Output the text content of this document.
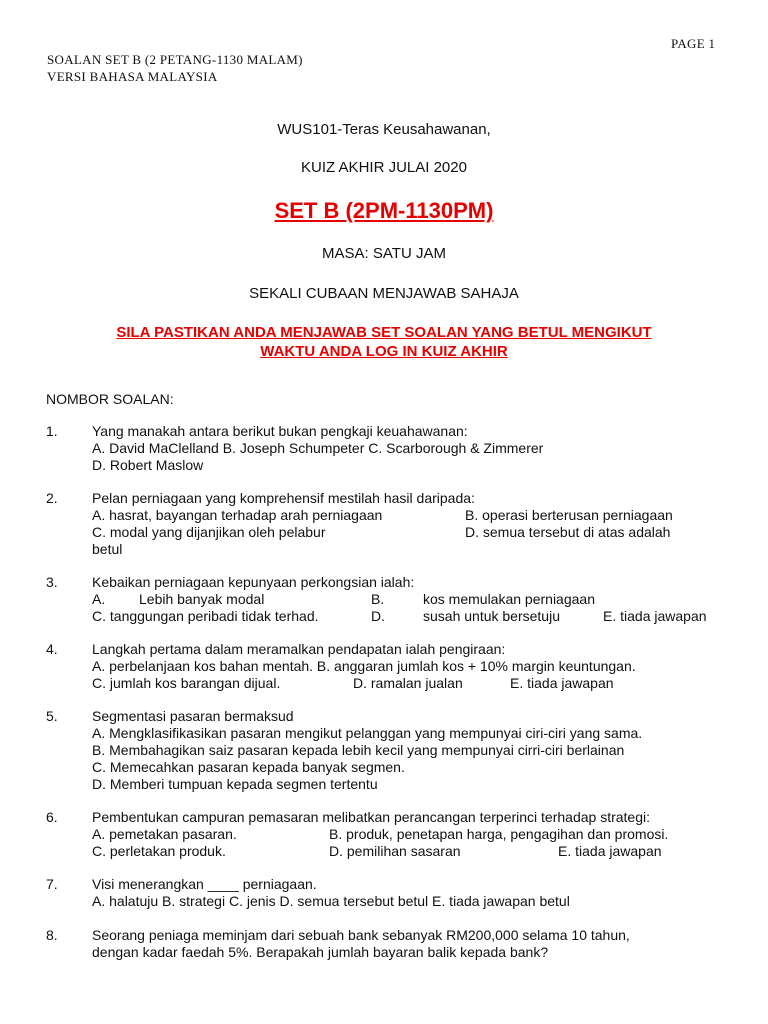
PAGE 1
SOALAN SET B (2 PETANG-1130 MALAM)
VERSI BAHASA MALAYSIA
WUS101-Teras Keusahawanan,
KUIZ AKHIR JULAI 2020
SET B (2PM-1130PM)
MASA: SATU JAM
SEKALI CUBAAN MENJAWAB SAHAJA
SILA PASTIKAN ANDA MENJAWAB SET SOALAN YANG BETUL MENGIKUT
WAKTU ANDA LOG IN KUIZ AKHIR
NOMBOR SOALAN:
1. Yang manakah antara berikut bukan pengkaji keuahawanan:
A. David MaClelland B. Joseph Schumpeter C. Scarborough & Zimmerer
D. Robert Maslow
2. Pelan perniagaan yang komprehensif mestilah hasil daripada:
A. hasrat, bayangan terhadap arah perniagaan	B. operasi berterusan perniagaan
C. modal yang dijanjikan oleh pelabur	D. semua tersebut di atas adalah
betul
3. Kebaikan perniagaan kepunyaan perkongsian ialah:
A. Lebih banyak modal	B.	kos memulakan perniagaan
C. tanggungan peribadi tidak terhad.	D.	susah untuk bersetuju	E. tiada jawapan
4. Langkah pertama dalam meramalkan pendapatan ialah pengiraan:
A. perbelanjaan kos bahan mentah. B. anggaran jumlah kos + 10% margin keuntungan.
C. jumlah kos barangan dijual.	D. ramalan jualan	E. tiada jawapan
5. Segmentasi pasaran bermaksud
A. Mengklasifikasikan pasaran mengikut pelanggan yang mempunyai ciri-ciri yang sama.
B. Membahagikan saiz pasaran kepada lebih kecil yang mempunyai cirri-ciri berlainan
C. Memecahkan pasaran kepada banyak segmen.
D. Memberi tumpuan kepada segmen tertentu
6. Pembentukan campuran pemasaran melibatkan perancangan terperinci terhadap strategi:
A. pemetakan pasaran.	B. produk, penetapan harga, pengagihan dan promosi.
C. perletakan produk.	D. pemilihan sasaran	E. tiada jawapan
7. Visi menerangkan ____ perniagaan.
A. halatuju B. strategi C. jenis D. semua tersebut betul E. tiada jawapan betul
8. Seorang peniaga meminjam dari sebuah bank sebanyak RM200,000 selama 10 tahun,
dengan kadar faedah 5%. Berapakah jumlah bayaran balik kepada bank?
